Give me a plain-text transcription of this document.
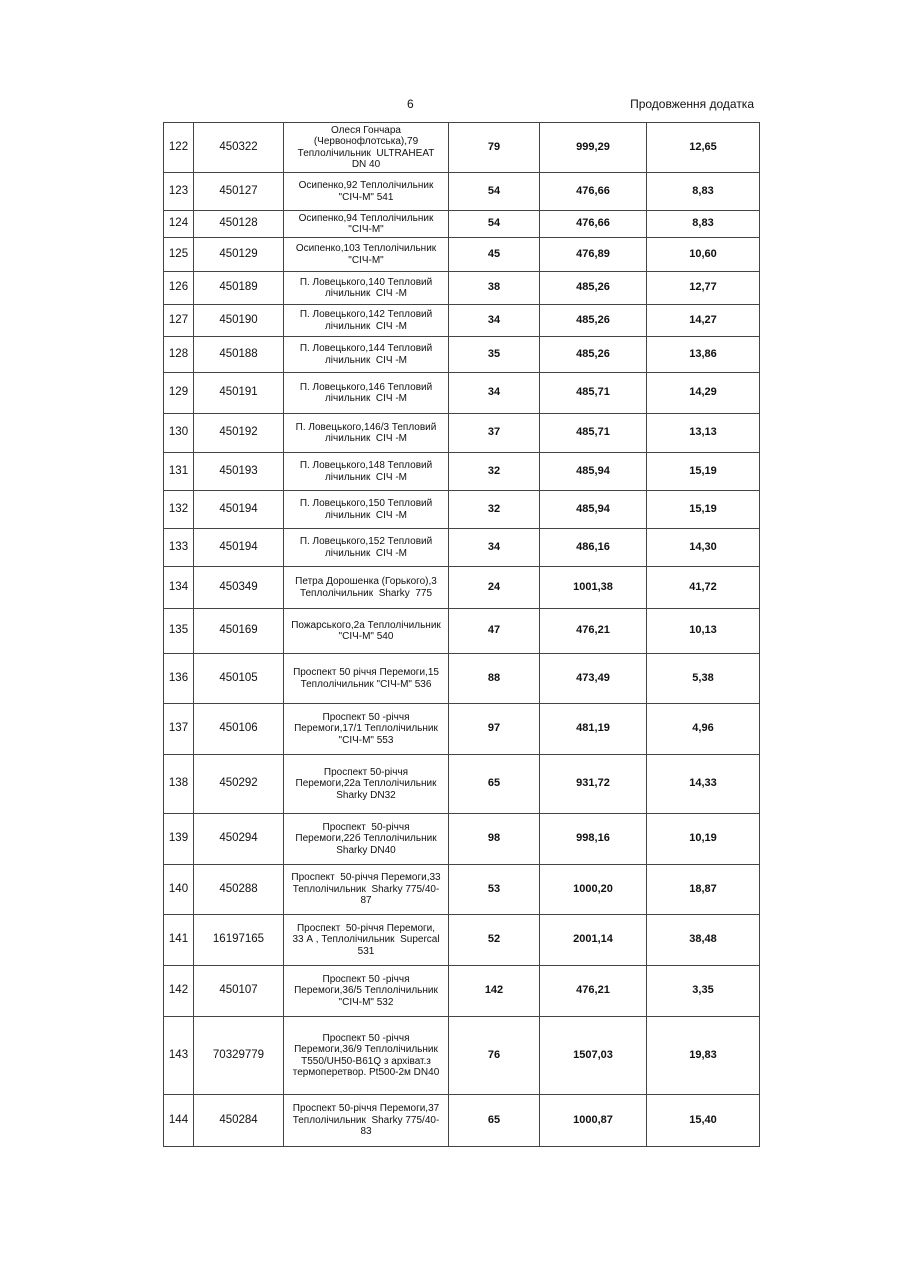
6	Продовження додатка
122	450322	Олеся Гончара
(Червонофлотська),79
Теплолічильник  ULTRAHEAT
DN 40	79	999,29	12,65
123	450127	Осипенко,92 Теплолічильник
"СІЧ-М" 541	54	476,66	8,83
124	450128	Осипенко,94 Теплолічильник
"СІЧ-М"	54	476,66	8,83
125	450129	Осипенко,103 Теплолічильник
"СІЧ-М"	45	476,89	10,60
126	450189	П. Ловецького,140 Тепловий
лічильник  СІЧ -М	38	485,26	12,77
127	450190	П. Ловецького,142 Тепловий
лічильник  СІЧ -М	34	485,26	14,27
128	450188	П. Ловецького,144 Тепловий
лічильник  СІЧ -М	35	485,26	13,86
129	450191	П. Ловецького,146 Тепловий
лічильник  СІЧ -М	34	485,71	14,29
130	450192	П. Ловецького,146/3 Тепловий
лічильник  СІЧ -М	37	485,71	13,13
131	450193	П. Ловецького,148 Тепловий
лічильник  СІЧ -М	32	485,94	15,19
132	450194	П. Ловецького,150 Тепловий
лічильник  СІЧ -М	32	485,94	15,19
133	450194	П. Ловецького,152 Тепловий
лічильник  СІЧ -М	34	486,16	14,30
134	450349	Петра Дорошенка (Горького),3
Теплолічильник  Sharky  775	24	1001,38	41,72
135	450169	Пожарського,2а Теплолічильник
"СІЧ-М" 540	47	476,21	10,13
136	450105	Проспект 50 річчя Перемоги,15
Теплолічильник "СІЧ-М" 536	88	473,49	5,38
137	450106	Проспект 50 -річчя
Перемоги,17/1 Теплолічильник
"СІЧ-М" 553	97	481,19	4,96
138	450292	Проспект 50-річчя
Перемоги,22а Теплолічильник
Sharky DN32	65	931,72	14,33
139	450294	Проспект  50-річчя
Перемоги,22б Теплолічильник
Sharky DN40	98	998,16	10,19
140	450288	Проспект  50-річчя Перемоги,33
Теплолічильник  Sharky 775/40-
87	53	1000,20	18,87
141	16197165	Проспект  50-річчя Перемоги,
33 А , Теплолічильник  Supercal
531	52	2001,14	38,48
142	450107	Проспект 50 -річчя
Перемоги,36/5 Теплолічильник
"СІЧ-М" 532	142	476,21	3,35
143	70329779	Проспект 50 -річчя
Перемоги,36/9 Теплолічильник
T550/UH50-B61Q з архіват.з
термоперетвор. Pt500-2м DN40	76	1507,03	19,83
144	450284	Проспект 50-річчя Перемоги,37
Теплолічильник  Sharky 775/40-
83	65	1000,87	15,40
